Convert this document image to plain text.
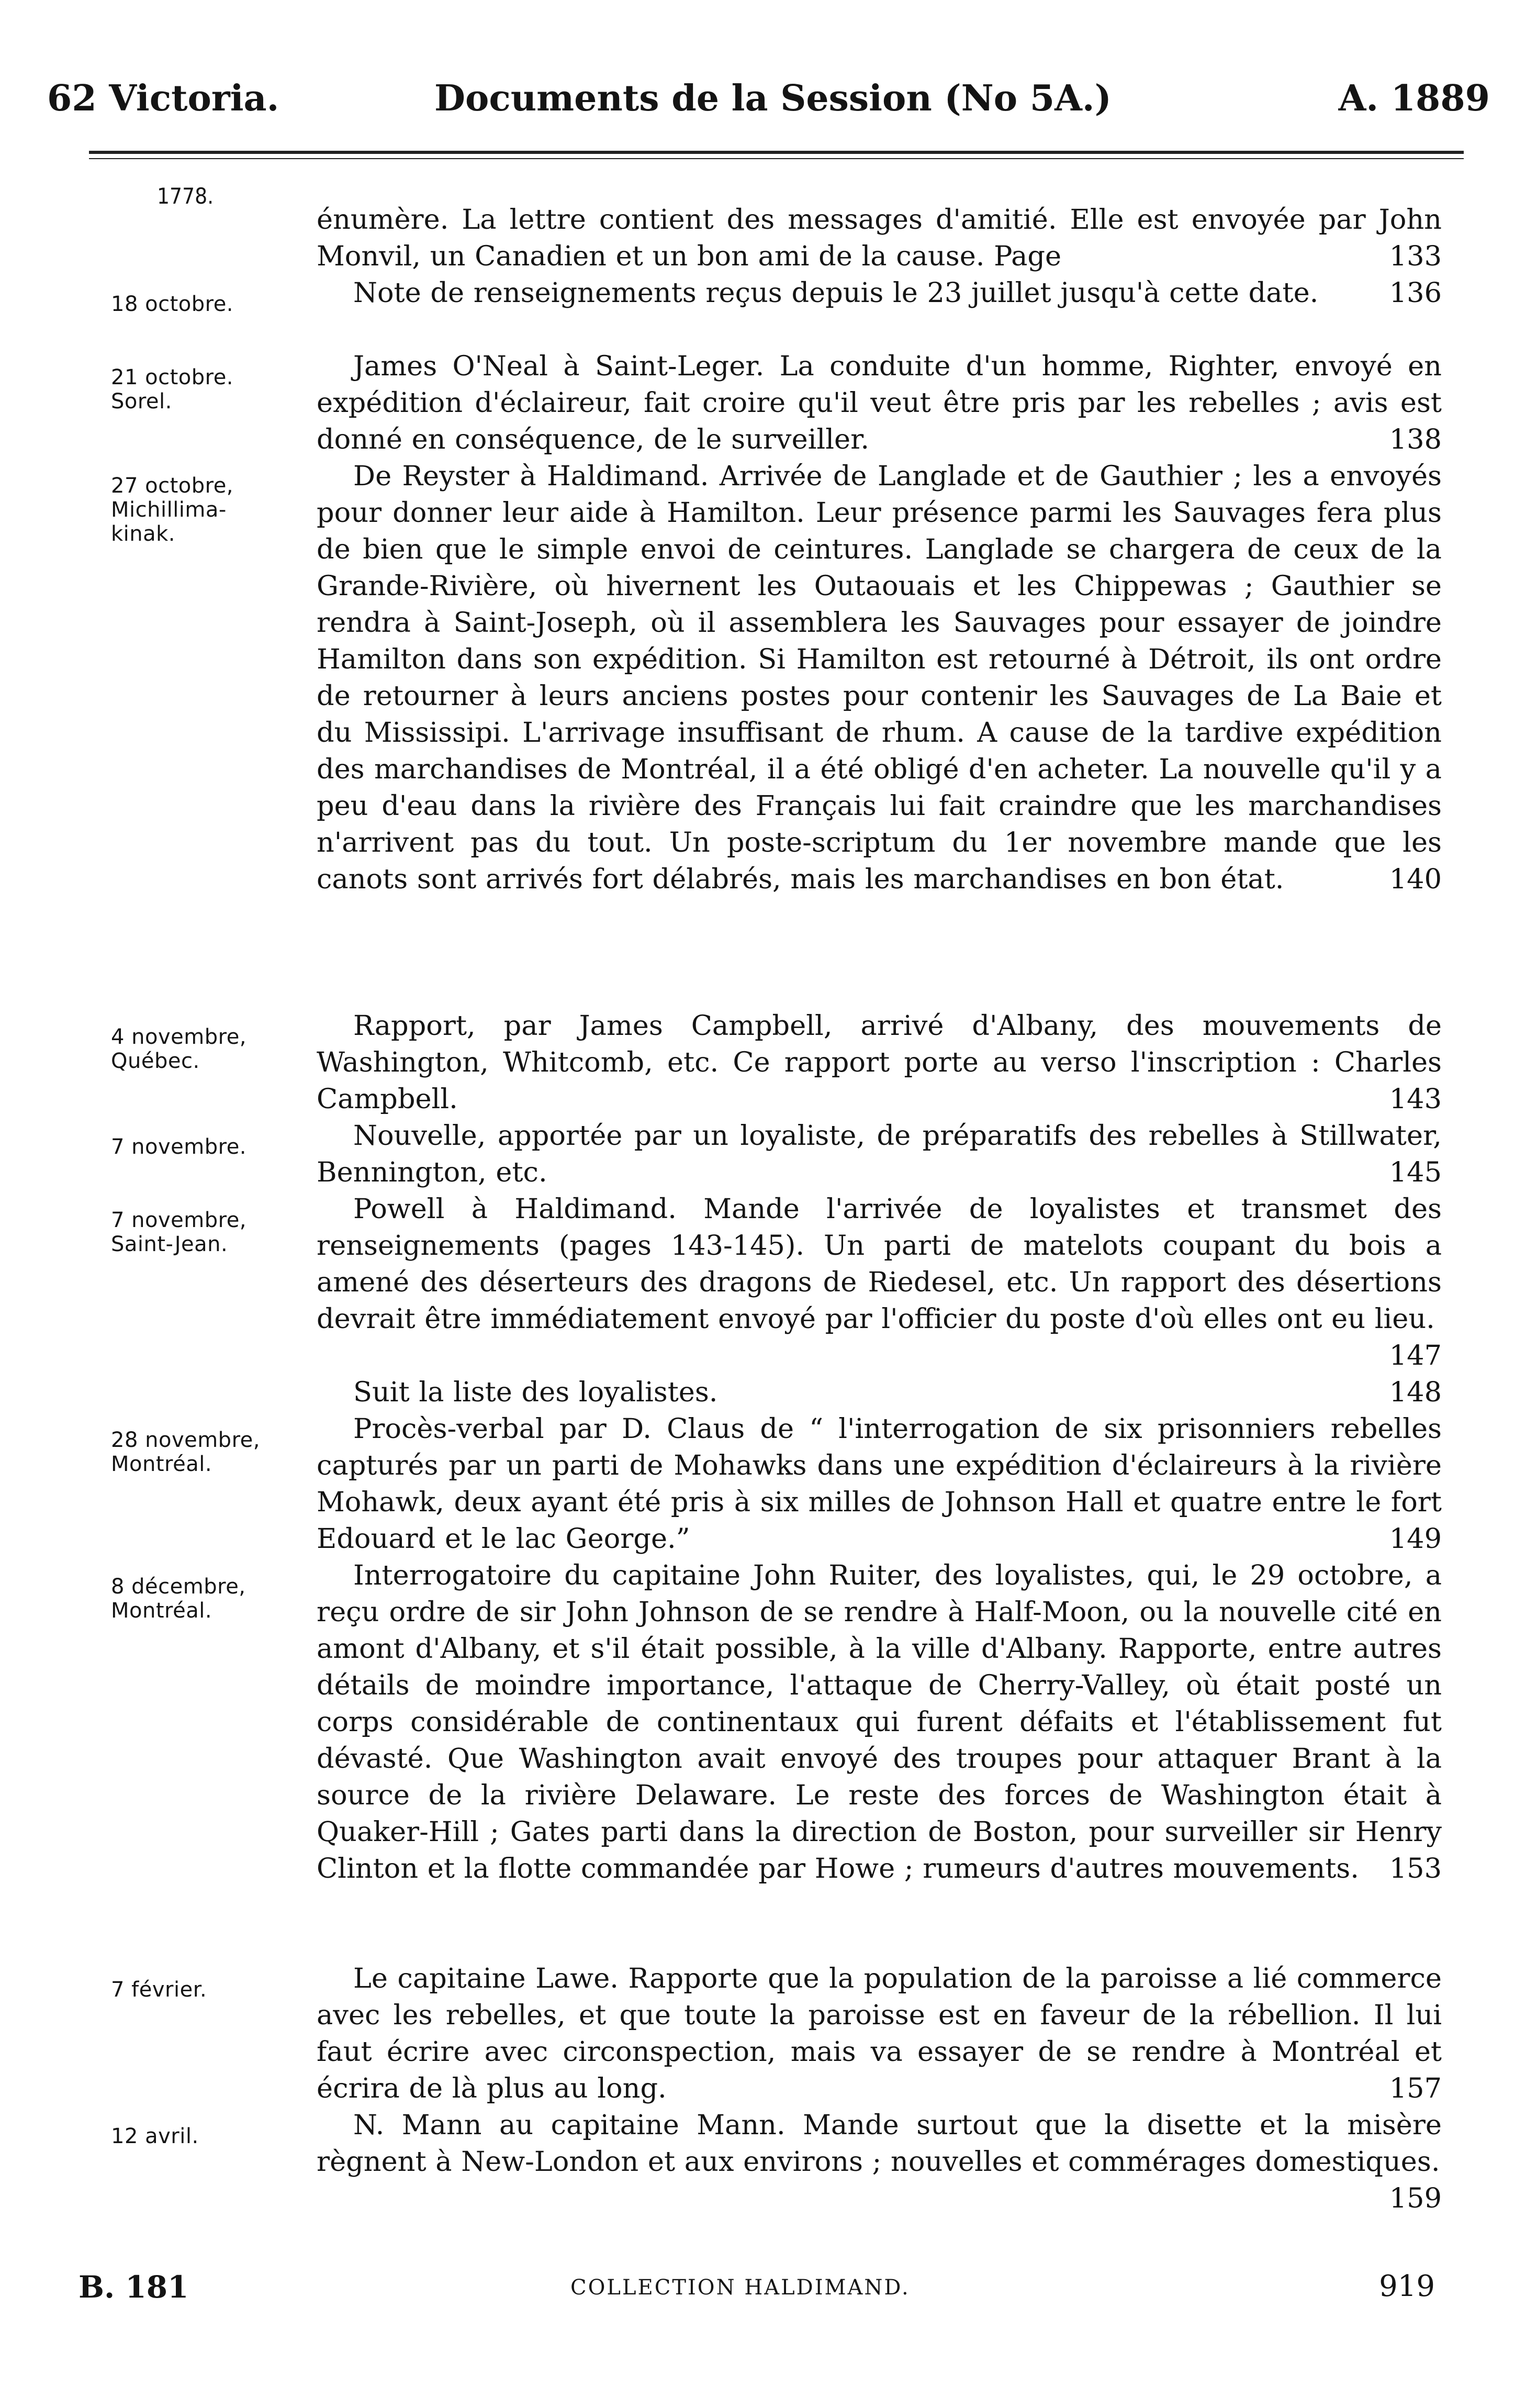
62 Victoria.	Documents de la Session (No 5A.)	A. 1889
1778.

énumère. La lettre contient des messages d'amitié. Elle est envoyée par John Monvil, un Canadien et un bon ami de la cause. Page	133

18 octobre.	Note de renseignements reçus depuis le 23 juillet jusqu'à cette date.	136

21 octobre.
Sorel.

James O'Neal à Saint-Leger. La conduite d'un homme, Righter, envoyé en expédition d'éclaireur, fait croire qu'il veut être pris par les rebelles ; avis est donné en conséquence, de le surveiller.	138

27 octobre,
Michillima-
kinak.

De Reyster à Haldimand. Arrivée de Langlade et de Gauthier ; les a envoyés pour donner leur aide à Hamilton. Leur présence parmi les Sauvages fera plus de bien que le simple envoi de ceintures. Langlade se chargera de ceux de la Grande-Rivière, où hivernent les Outaouais et les Chippewas ; Gauthier se rendra à Saint-Joseph, où il assemblera les Sauvages pour essayer de joindre Hamilton dans son expédition. Si Hamilton est retourné à Détroit, ils ont ordre de retourner à leurs anciens postes pour contenir les Sauvages de La Baie et du Mississipi. L'arrivage insuffisant de rhum. A cause de la tardive expédition des marchandises de Montréal, il a été obligé d'en acheter. La nouvelle qu'il y a peu d'eau dans la rivière des Français lui fait craindre que les marchandises n'arrivent pas du tout. Un poste-scriptum du 1er novembre mande que les canots sont arrivés fort délabrés, mais les marchandises en bon état.	140

4 novembre,
Québec.

Rapport, par James Campbell, arrivé d'Albany, des mouvements de Washington, Whitcomb, etc. Ce rapport porte au verso l'inscription : Charles Campbell.	143

7 novembre.	Nouvelle, apportée par un loyaliste, de préparatifs des rebelles à Stillwater, Bennington, etc.	145

7 novembre,
Saint-Jean.

Powell à Haldimand. Mande l'arrivée de loyalistes et transmet des renseignements (pages 143-145). Un parti de matelots coupant du bois a amené des déserteurs des dragons de Riedesel, etc. Un rapport des désertions devrait être immédiatement envoyé par l'officier du poste d'où elles ont eu lieu.
147

Suit la liste des loyalistes.	148

28 novembre,
Montréal.

Procès-verbal par D. Claus de “ l'interrogation de six prisonniers rebelles capturés par un parti de Mohawks dans une expédition d'éclaireurs à la rivière Mohawk, deux ayant été pris à six milles de Johnson Hall et quatre entre le fort Edouard et le lac George.”	149

8 décembre,
Montréal.

Interrogatoire du capitaine John Ruiter, des loyalistes, qui, le 29 octobre, a reçu ordre de sir John Johnson de se rendre à Half-Moon, ou la nouvelle cité en amont d'Albany, et s'il était possible, à la ville d'Albany. Rapporte, entre autres détails de moindre importance, l'attaque de Cherry-Valley, où était posté un corps considérable de continentaux qui furent défaits et l'établissement fut dévasté. Que Washington avait envoyé des troupes pour attaquer Brant à la source de la rivière Delaware. Le reste des forces de Washington était à Quaker-Hill ; Gates parti dans la direction de Boston, pour surveiller sir Henry Clinton et la flotte commandée par Howe ; rumeurs d'autres mouvements.	153

7 février.	Le capitaine Lawe. Rapporte que la population de la paroisse a lié commerce avec les rebelles, et que toute la paroisse est en faveur de la rébellion. Il lui faut écrire avec circonspection, mais va essayer de se rendre à Montréal et écrira de là plus au long.	157

12 avril.	N. Mann au capitaine Mann. Mande surtout que la disette et la misère règnent à New-London et aux environs ; nouvelles et commérages domestiques.
159

B. 181	COLLECTION HALDIMAND.	919
